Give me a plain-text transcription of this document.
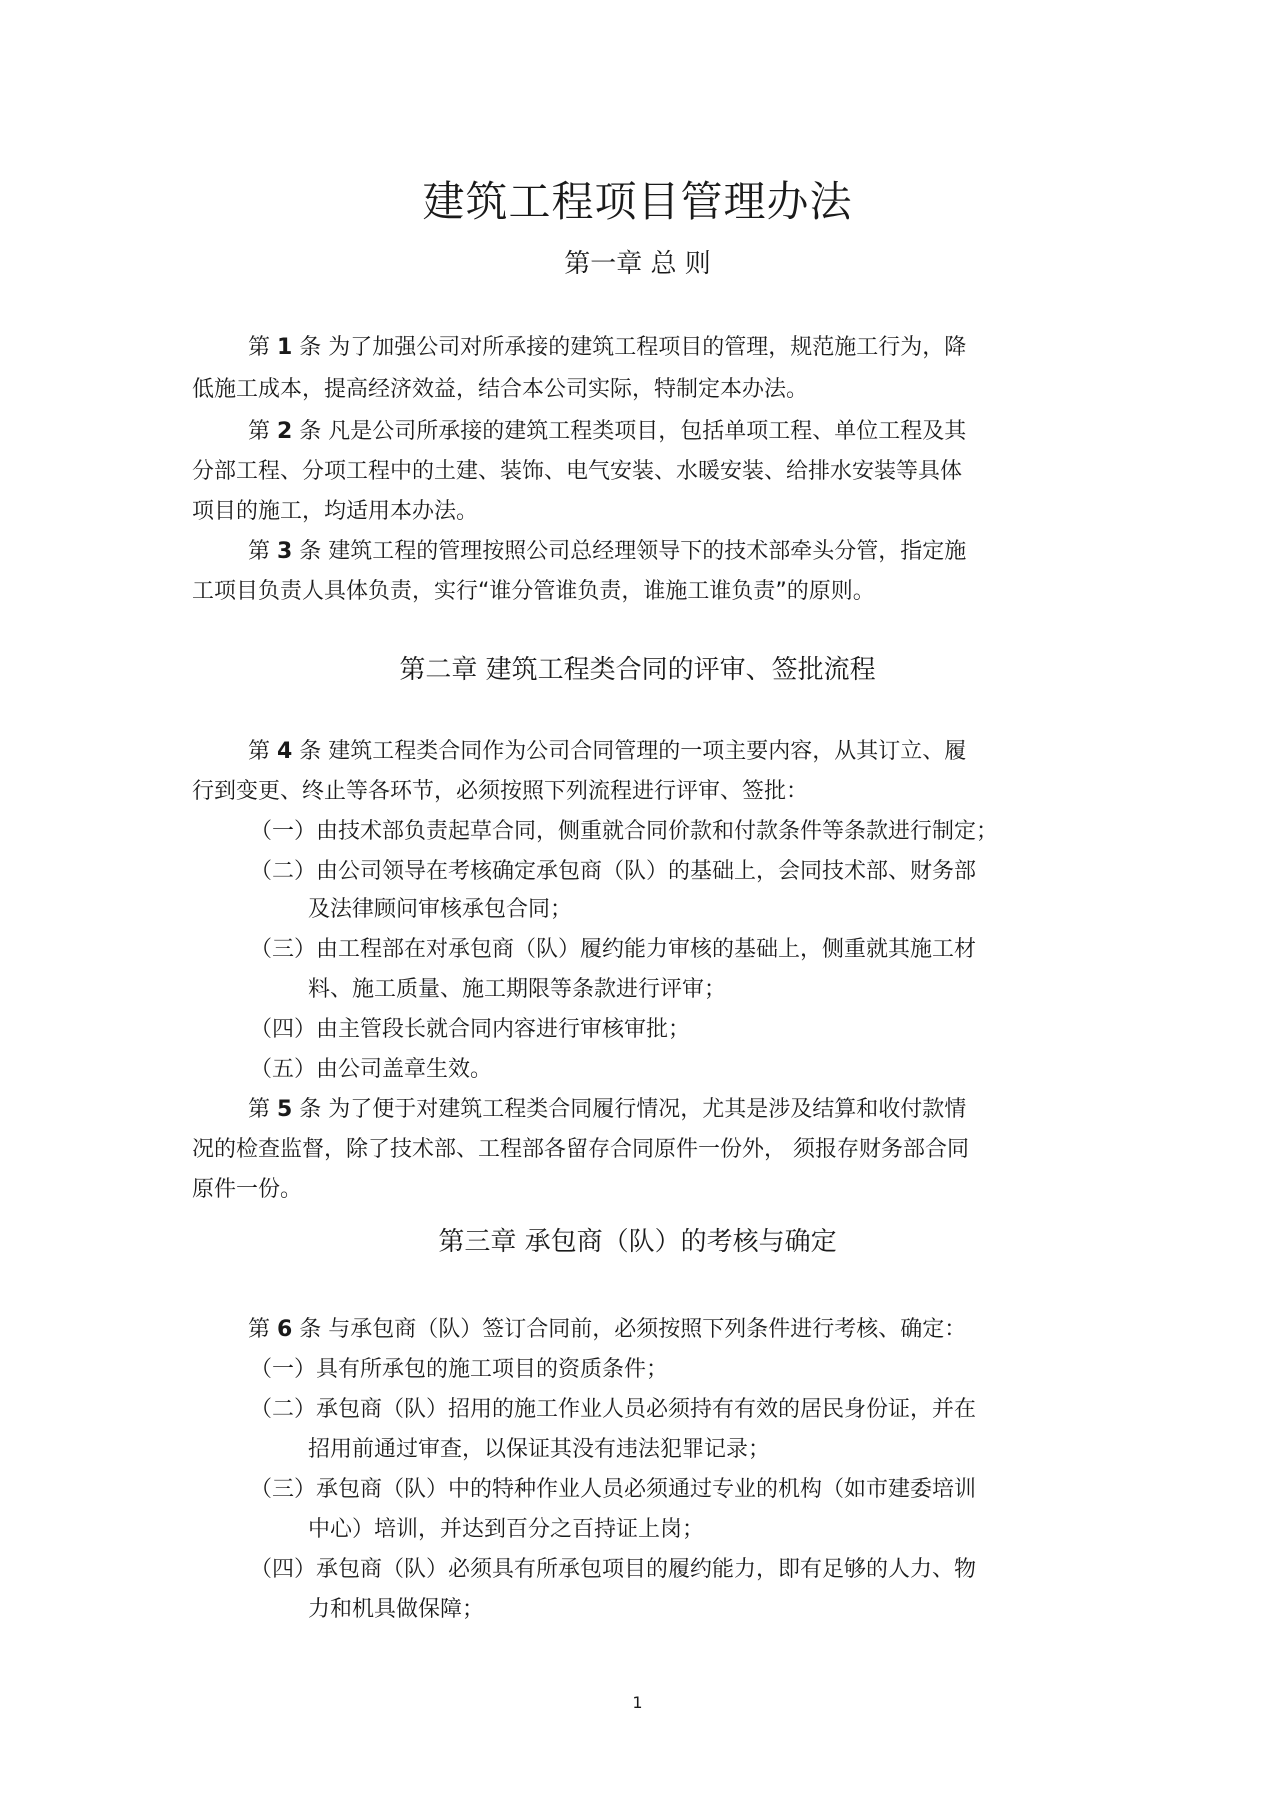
建筑工程项目管理办法
第一章 总 则
第 1 条 为了加强公司对所承接的建筑工程项目的管理，规范施工行为，降
低施工成本，提高经济效益，结合本公司实际，特制定本办法。
第 2 条 凡是公司所承接的建筑工程类项目，包括单项工程、单位工程及其
分部工程、分项工程中的土建、装饰、电气安装、水暖安装、给排水安装等具体
项目的施工，均适用本办法。
第 3 条 建筑工程的管理按照公司总经理领导下的技术部牵头分管，指定施
工项目负责人具体负责，实行“谁分管谁负责，谁施工谁负责”的原则。
第二章 建筑工程类合同的评审、签批流程
第 4 条 建筑工程类合同作为公司合同管理的一项主要内容，从其订立、履
行到变更、终止等各环节，必须按照下列流程进行评审、签批：
（一）由技术部负责起草合同，侧重就合同价款和付款条件等条款进行制定；
（二）由公司领导在考核确定承包商（队）的基础上，会同技术部、财务部
及法律顾问审核承包合同；
（三）由工程部在对承包商（队）履约能力审核的基础上，侧重就其施工材
料、施工质量、施工期限等条款进行评审；
（四）由主管段长就合同内容进行审核审批；
（五）由公司盖章生效。
第 5 条 为了便于对建筑工程类合同履行情况，尤其是涉及结算和收付款情
况的检查监督，除了技术部、工程部各留存合同原件一份外， 须报存财务部合同
原件一份。
第三章 承包商（队）的考核与确定
第 6 条 与承包商（队）签订合同前，必须按照下列条件进行考核、确定：
（一）具有所承包的施工项目的资质条件；
（二）承包商（队）招用的施工作业人员必须持有有效的居民身份证，并在
招用前通过审查，以保证其没有违法犯罪记录；
（三）承包商（队）中的特种作业人员必须通过专业的机构（如市建委培训
中心）培训，并达到百分之百持证上岗；
（四）承包商（队）必须具有所承包项目的履约能力，即有足够的人力、物
力和机具做保障；
1
